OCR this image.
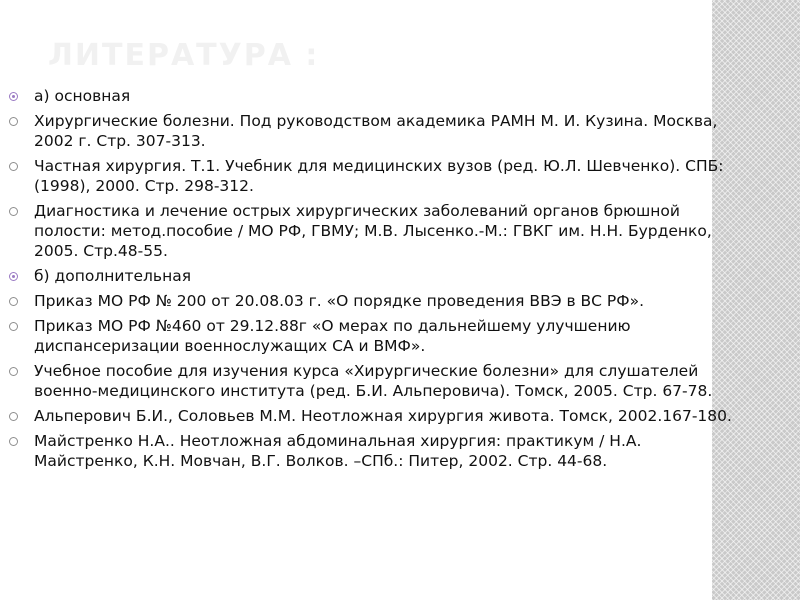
ЛИТЕРАТУРА :
а) основная
Хирургические болезни. Под руководством академика РАМН М. И. Кузина. Москва, 2002 г. Стр. 307-313.
Частная хирургия. Т.1. Учебник для медицинских вузов (ред. Ю.Л. Шевченко). СПБ: (1998), 2000. Стр. 298-312.
Диагностика и лечение острых хирургических заболеваний органов брюшной полости: метод.пособие / МО РФ, ГВМУ; М.В. Лысенко.-М.: ГВКГ им. Н.Н. Бурденко, 2005. Стр.48-55.
б) дополнительная
Приказ МО РФ № 200 от 20.08.03 г. «О порядке проведения ВВЭ в ВС РФ».
Приказ МО РФ №460 от 29.12.88г «О мерах по дальнейшему улучшению диспансеризации военнослужащих СА и ВМФ».
Учебное пособие для изучения курса «Хирургические болезни» для слушателей военно-медицинского института (ред. Б.И. Альперовича). Томск, 2005. Стр. 67-78.
Альперович Б.И., Соловьев М.М. Неотложная хирургия живота. Томск, 2002.167-180.
Майстренко Н.А.. Неотложная абдоминальная хирургия: практикум / Н.А. Майстренко, К.Н. Мовчан, В.Г. Волков. –СПб.: Питер, 2002. Стр. 44-68.
